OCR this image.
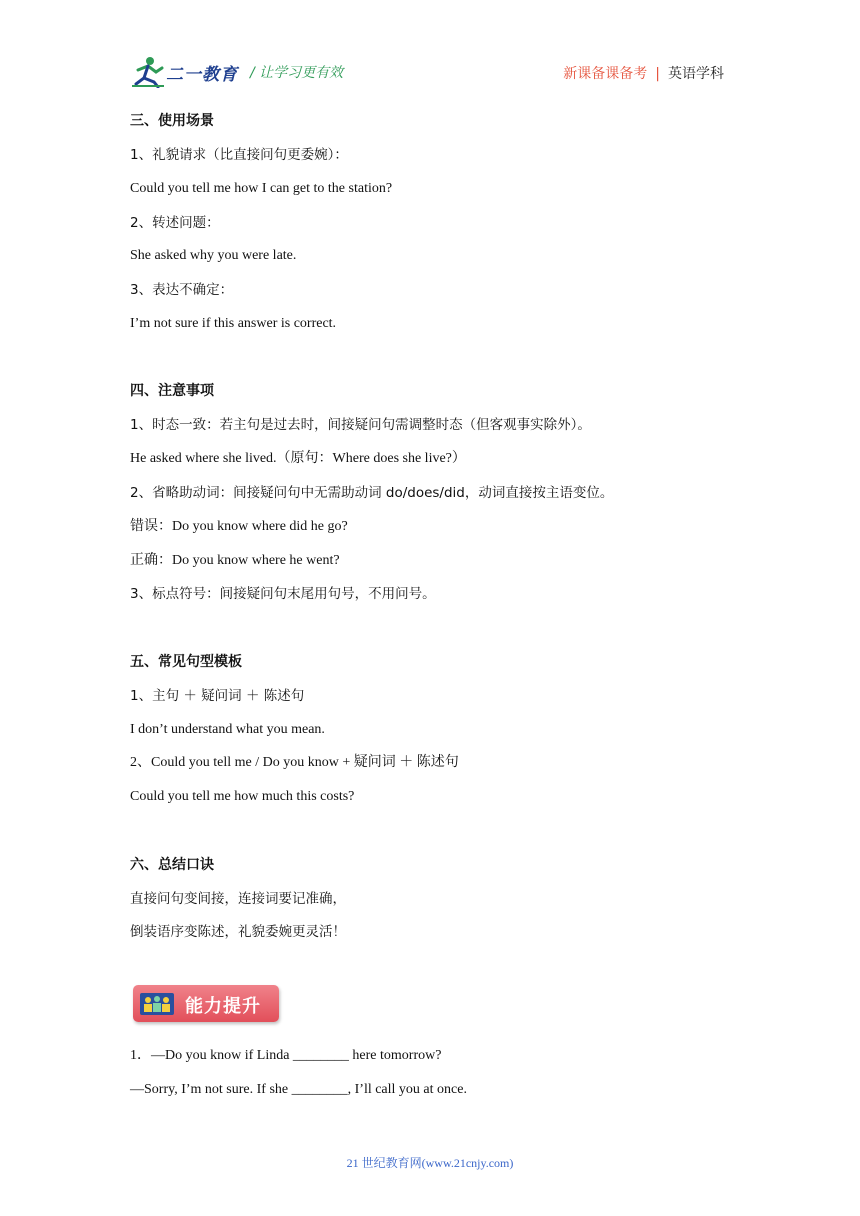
二一教育 / 让学习更有效	新课备课备考 | 英语学科
三、使用场景
1、礼貌请求（比直接问句更委婉）：
Could you tell me how I can get to the station?
2、转述问题：
She asked why you were late.
3、表达不确定：
I’m not sure if this answer is correct.
四、注意事项
1、时态一致：若主句是过去时，间接疑问句需调整时态（但客观事实除外）。
He asked where she lived.（原句：Where does she live?）
2、省略助动词：间接疑问句中无需助动词 do/does/did，动词直接按主语变位。
错误：Do you know where did he go?
正确：Do you know where he went?
3、标点符号：间接疑问句末尾用句号，不用问号。
五、常见句型模板
1、主句 ＋ 疑问词 ＋ 陈述句
I don’t understand what you mean.
2、Could you tell me / Do you know + 疑问词 ＋ 陈述句
Could you tell me how much this costs?
六、总结口诀
直接问句变间接，连接词要记准确，
倒装语序变陈述，礼貌委婉更灵活！
1．—Do you know if Linda ________ here tomorrow?
—Sorry, I’m not sure. If she ________, I’ll call you at once.
能力提升
21 世纪教育网(www.21cnjy.com)
